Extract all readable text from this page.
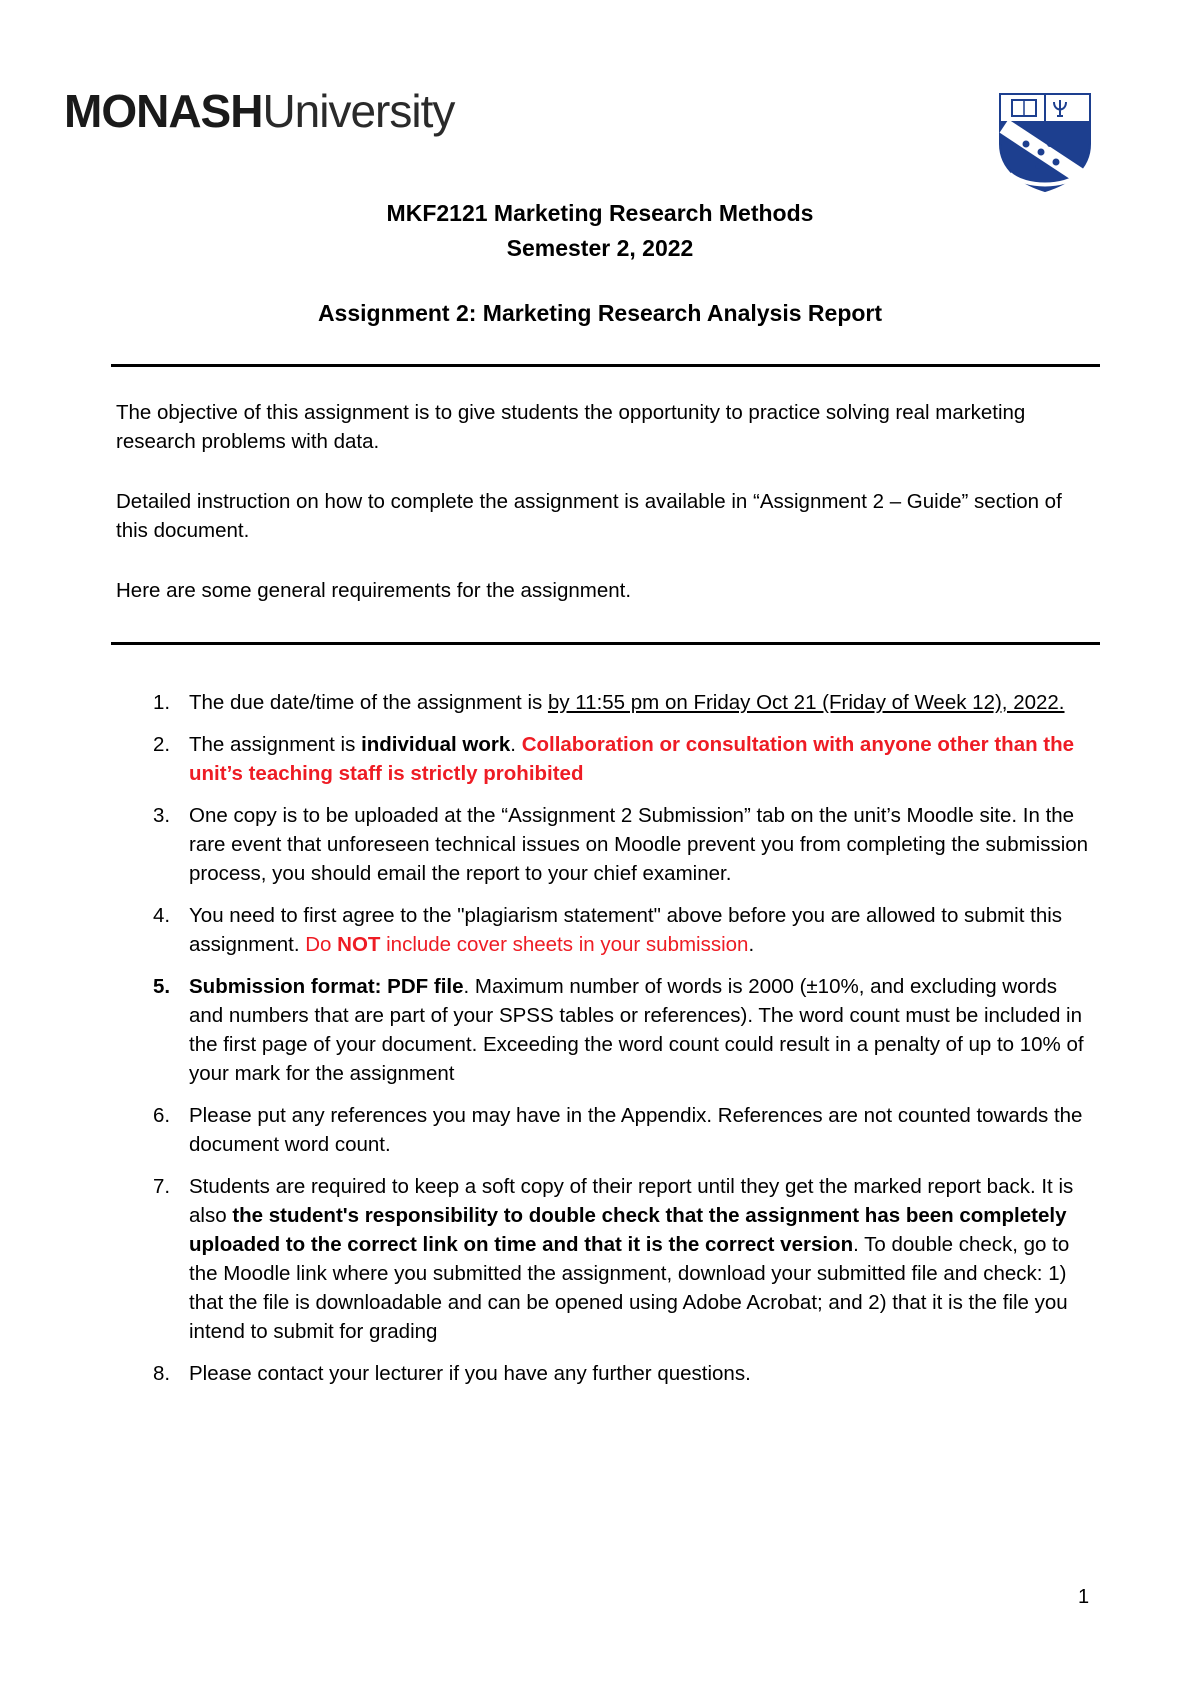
MONASHUniversity
MKF2121 Marketing Research Methods
Semester 2, 2022
Assignment 2: Marketing Research Analysis Report
The objective of this assignment is to give students the opportunity to practice solving real marketing research problems with data.
Detailed instruction on how to complete the assignment is available in “Assignment 2 – Guide” section of this document.
Here are some general requirements for the assignment.
1. The due date/time of the assignment is by 11:55 pm on Friday Oct 21 (Friday of Week 12), 2022.
2. The assignment is individual work. Collaboration or consultation with anyone other than the unit’s teaching staff is strictly prohibited
3. One copy is to be uploaded at the “Assignment 2 Submission” tab on the unit’s Moodle site. In the rare event that unforeseen technical issues on Moodle prevent you from completing the submission process, you should email the report to your chief examiner.
4. You need to first agree to the "plagiarism statement" above before you are allowed to submit this assignment. Do NOT include cover sheets in your submission.
5. Submission format: PDF file. Maximum number of words is 2000 (±10%, and excluding words and numbers that are part of your SPSS tables or references). The word count must be included in the first page of your document. Exceeding the word count could result in a penalty of up to 10% of your mark for the assignment
6. Please put any references you may have in the Appendix. References are not counted towards the document word count.
7. Students are required to keep a soft copy of their report until they get the marked report back. It is also the student's responsibility to double check that the assignment has been completely uploaded to the correct link on time and that it is the correct version. To double check, go to the Moodle link where you submitted the assignment, download your submitted file and check: 1) that the file is downloadable and can be opened using Adobe Acrobat; and 2) that it is the file you intend to submit for grading
8. Please contact your lecturer if you have any further questions.
1
